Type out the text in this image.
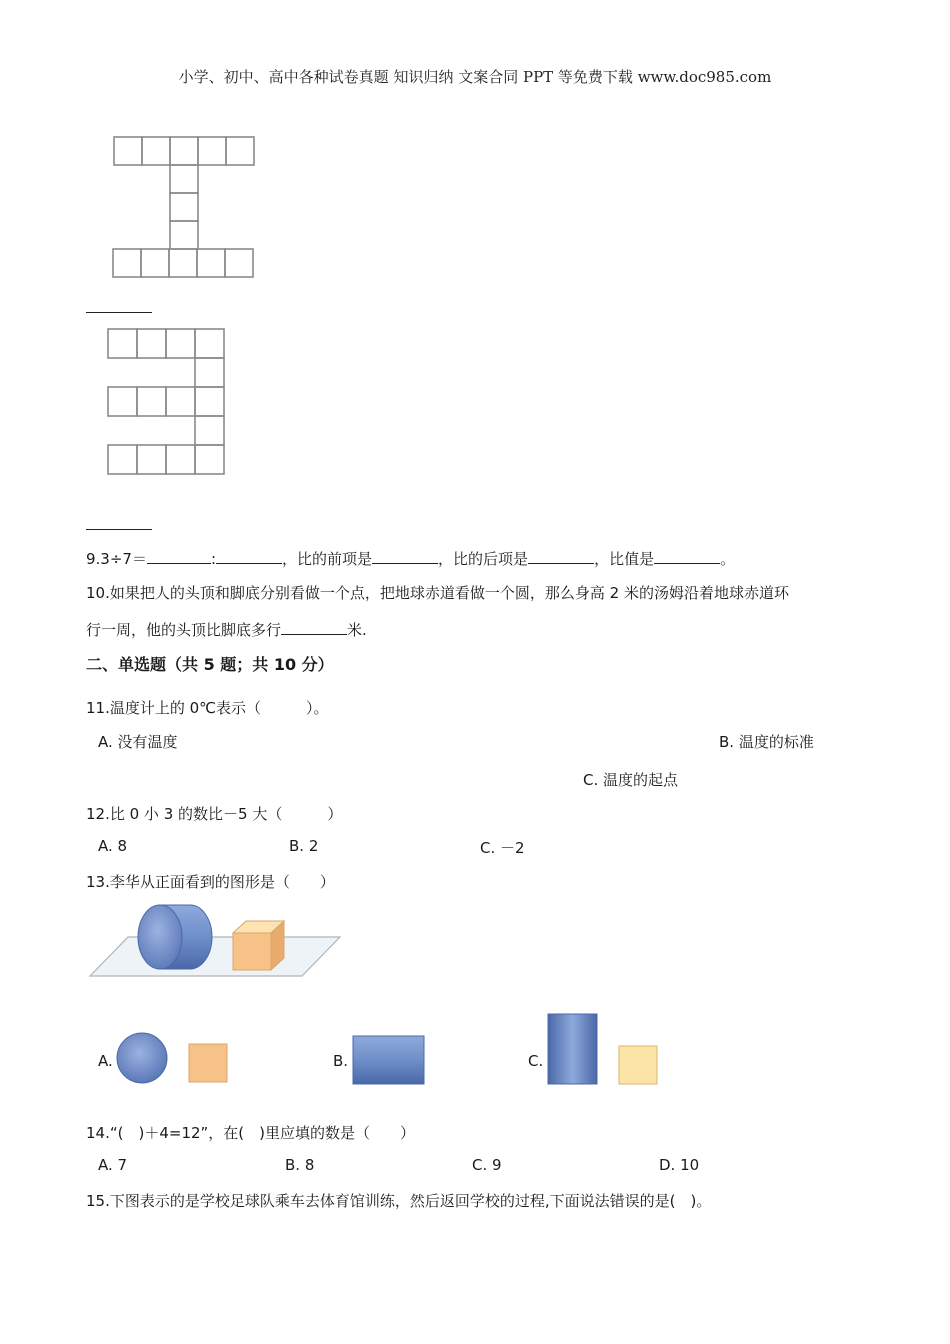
小学、初中、高中各种试卷真题 知识归纳 文案合同 PPT 等免费下载 www.doc985.com
9.3÷7＝	:	，比的前项是	，比的后项是	，比值是	。
10.如果把人的头顶和脚底分别看做一个点，把地球赤道看做一个圆，那么身高 2 米的汤姆沿着地球赤道环
行一周，他的头顶比脚底多行	米.
二、单选题（共 5 题；共 10 分）
11.温度计上的 0℃表示（　　　）。
A. 没有温度	B. 温度的标准
C. 温度的起点
12.比 0 小 3 的数比－5 大（　　　）
A. 8	B. 2	C. －2
13.李华从正面看到的图形是（　　）
A.	B.	C.
14.“(　)＋4=12”，在(　)里应填的数是（　　）
A. 7	B. 8	C. 9	D. 10
15.下图表示的是学校足球队乘车去体育馆训练，然后返回学校的过程,下面说法错误的是(　)。
